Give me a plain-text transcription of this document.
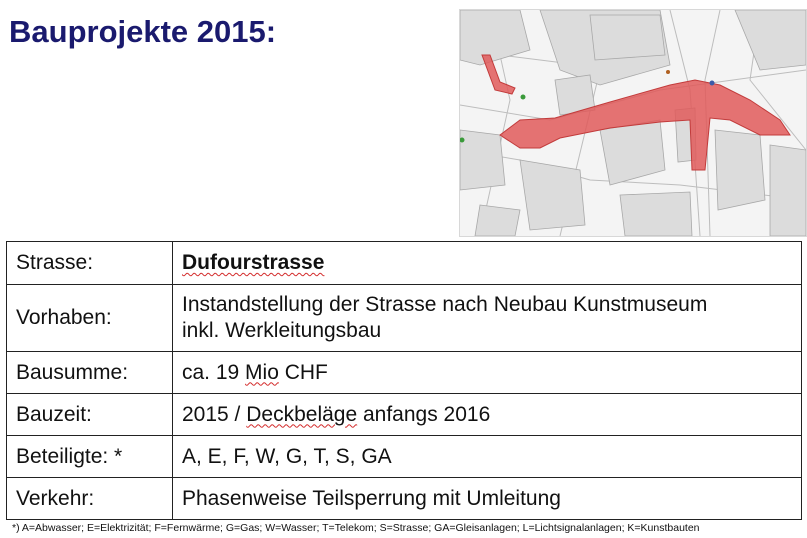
Bauprojekte 2015:
Strasse:	Dufourstrasse
Vorhaben:	Instandstellung der Strasse nach Neubau Kunstmuseum
inkl. Werkleitungsbau

Bausumme:	ca. 19 Mio CHF
Bauzeit:	2015 / Deckbeläge anfangs 2016
Beteiligte: *	A, E, F, W, G, T, S, GA
Verkehr:	Phasenweise Teilsperrung mit Umleitung
*) A=Abwasser; E=Elektrizität; F=Fernwärme; G=Gas; W=Wasser; T=Telekom; S=Strasse; GA=Gleisanlagen; L=Lichtsignalanlagen; K=Kunstbauten
